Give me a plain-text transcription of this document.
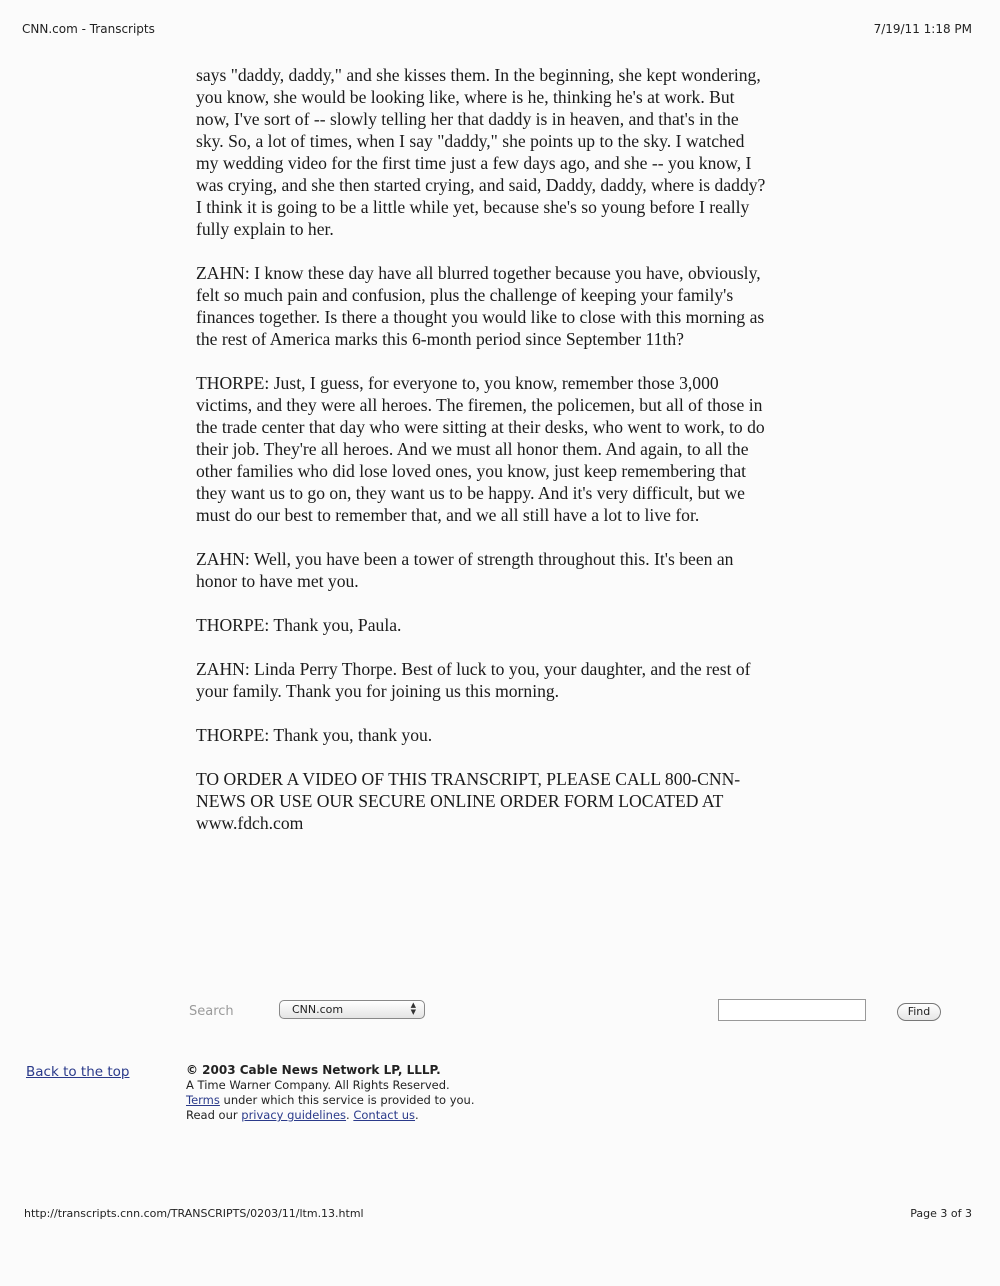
CNN.com - Transcripts	7/19/11 1:18 PM

says "daddy, daddy," and she kisses them. In the beginning, she kept wondering, you know, she would be looking like, where is he, thinking he's at work. But now, I've sort of -- slowly telling her that daddy is in heaven, and that's in the sky. So, a lot of times, when I say "daddy," she points up to the sky. I watched my wedding video for the first time just a few days ago, and she -- you know, I was crying, and she then started crying, and said, Daddy, daddy, where is daddy? I think it is going to be a little while yet, because she's so young before I really fully explain to her.

ZAHN: I know these day have all blurred together because you have, obviously, felt so much pain and confusion, plus the challenge of keeping your family's finances together. Is there a thought you would like to close with this morning as the rest of America marks this 6-month period since September 11th?

THORPE: Just, I guess, for everyone to, you know, remember those 3,000 victims, and they were all heroes. The firemen, the policemen, but all of those in the trade center that day who were sitting at their desks, who went to work, to do their job. They're all heroes. And we must all honor them. And again, to all the other families who did lose loved ones, you know, just keep remembering that they want us to go on, they want us to be happy. And it's very difficult, but we must do our best to remember that, and we all still have a lot to live for.

ZAHN: Well, you have been a tower of strength throughout this. It's been an honor to have met you.

THORPE: Thank you, Paula.

ZAHN: Linda Perry Thorpe. Best of luck to you, your daughter, and the rest of your family. Thank you for joining us this morning.

THORPE: Thank you, thank you.

TO ORDER A VIDEO OF THIS TRANSCRIPT, PLEASE CALL 800-CNN-NEWS OR USE OUR SECURE ONLINE ORDER FORM LOCATED AT www.fdch.com

Search	CNN.com	▲
▼	Find
Back to the top	© 2003 Cable News Network LP, LLLP.
A Time Warner Company. All Rights Reserved.
Terms under which this service is provided to you.
Read our privacy guidelines. Contact us.
http://transcripts.cnn.com/TRANSCRIPTS/0203/11/ltm.13.html	Page 3 of 3
